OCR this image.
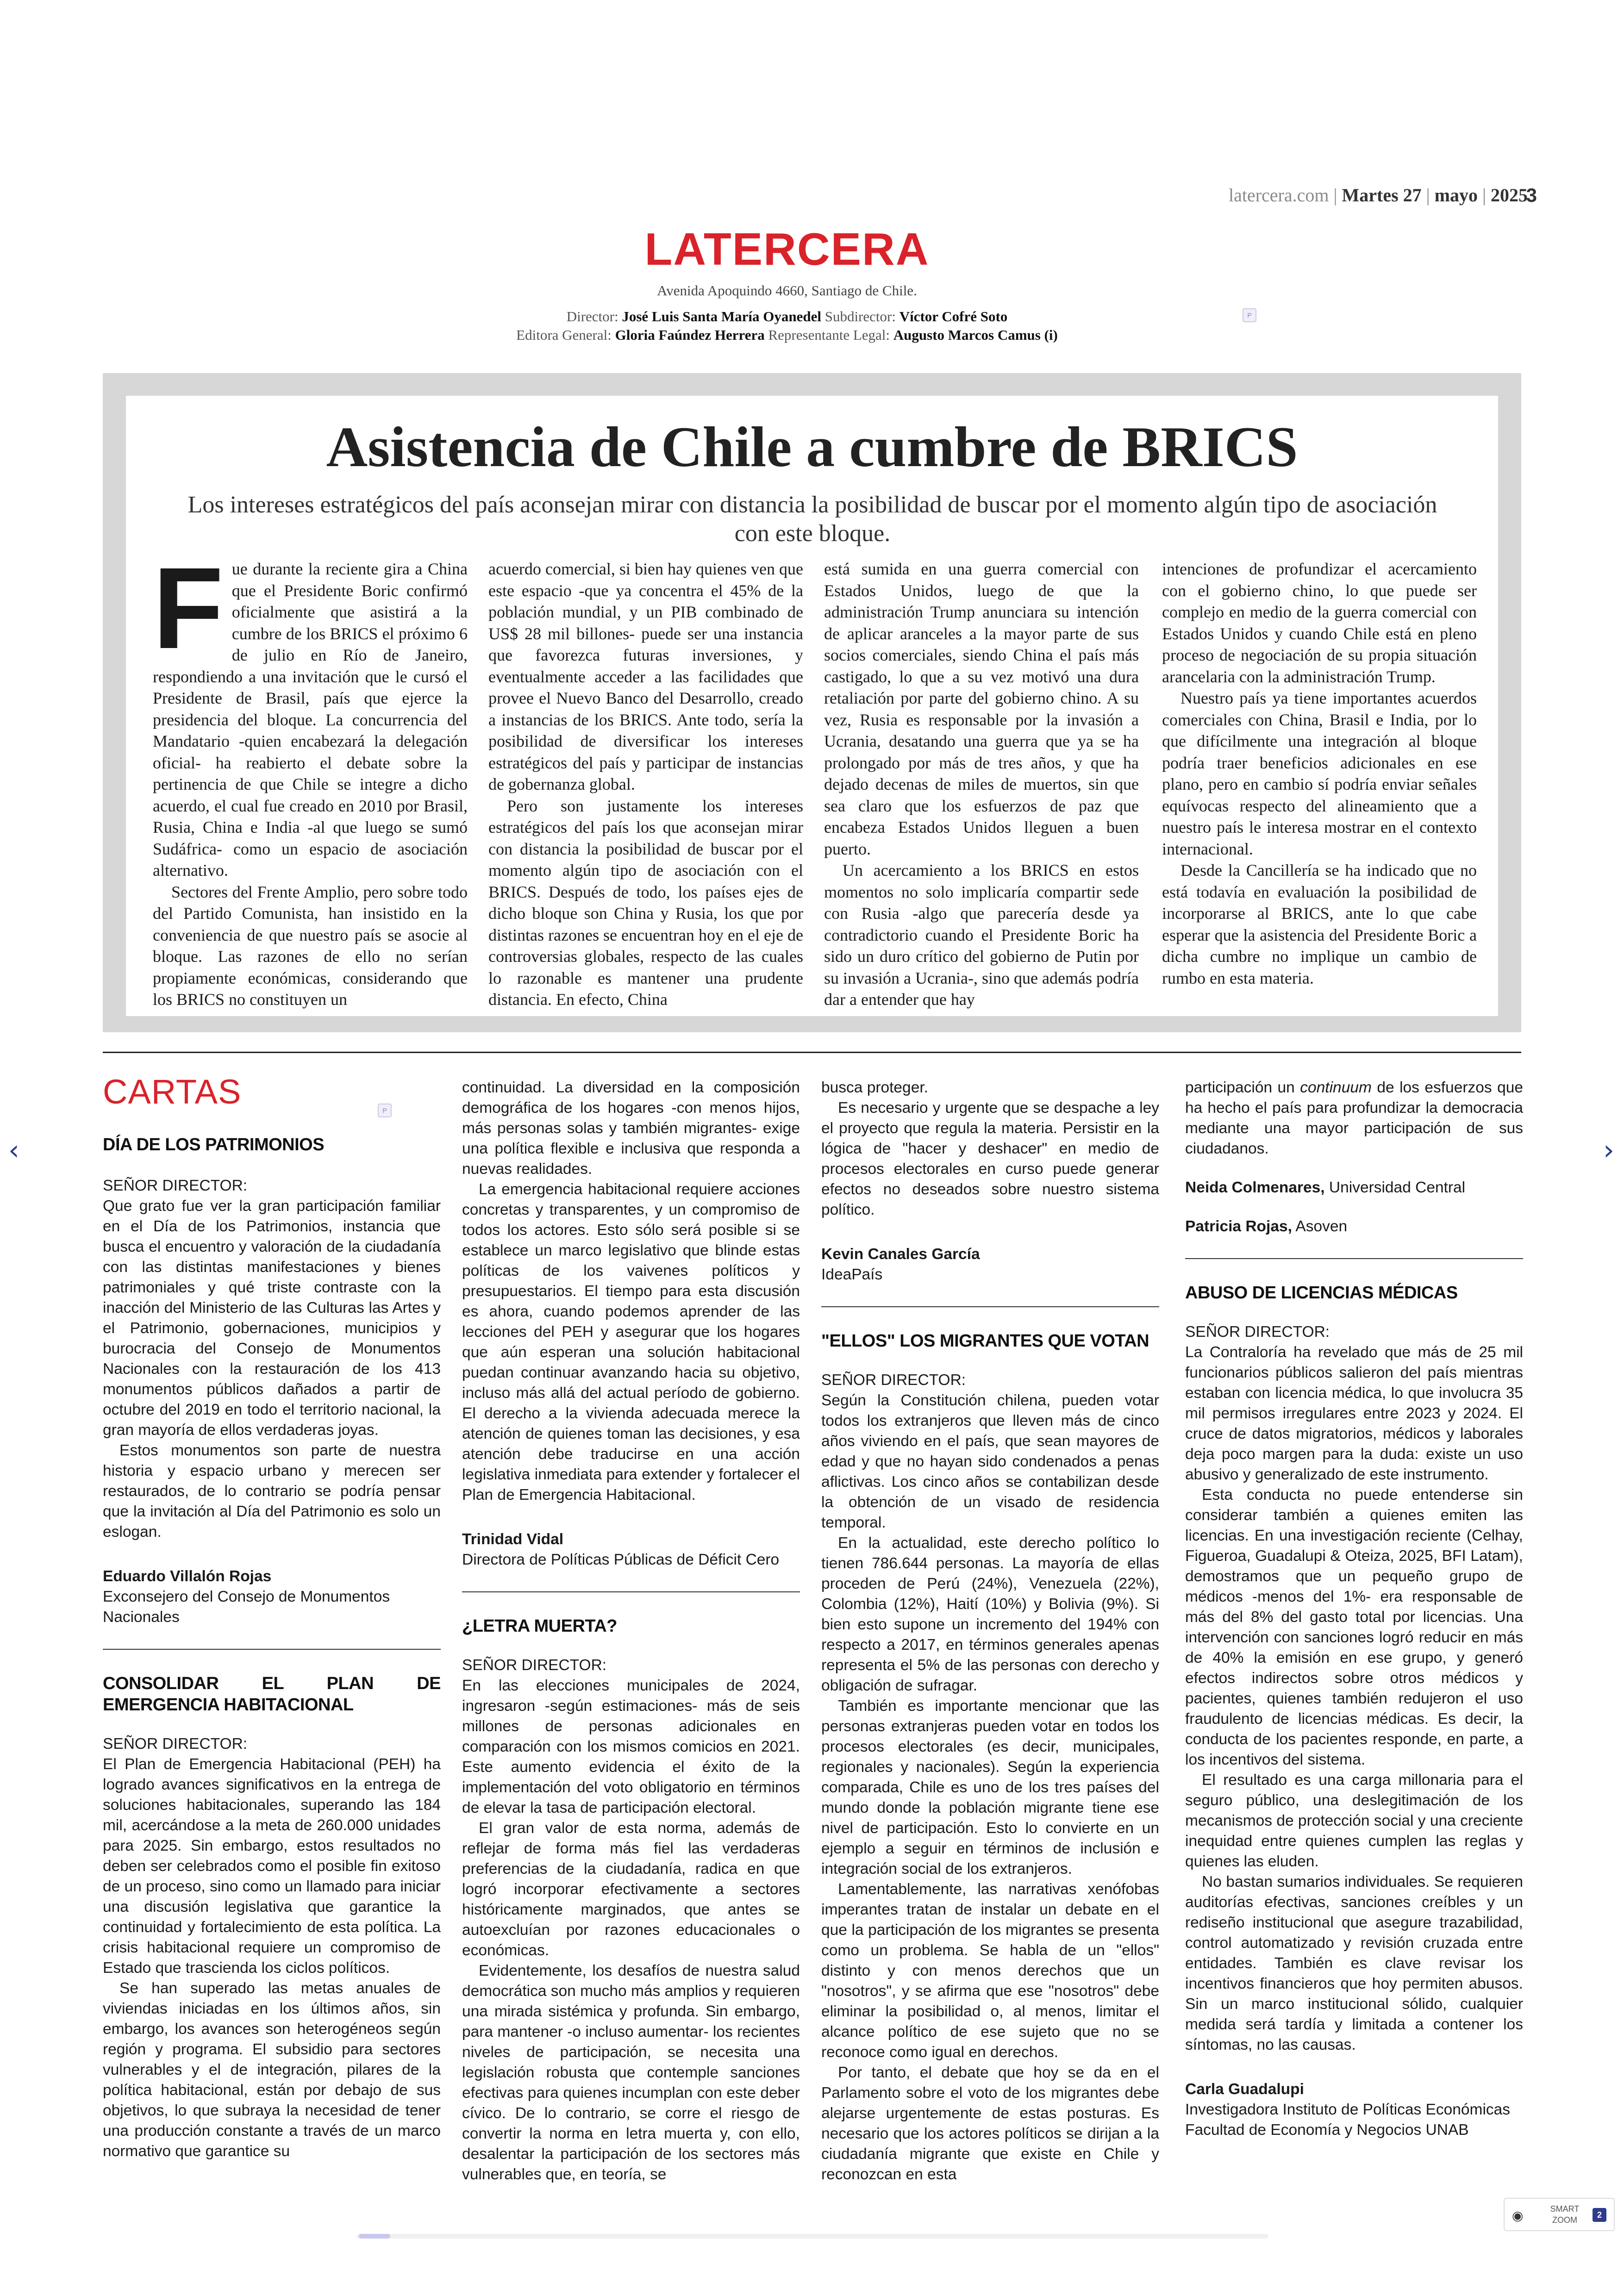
latercera.com | Martes 27 | mayo | 2025
3
LATERCERA
Avenida Apoquindo 4660, Santiago de Chile.
Director: José Luis Santa María Oyanedel Subdirector: Víctor Cofré Soto
Editora General: Gloria Faúndez Herrera Representante Legal: Augusto Marcos Camus (i)
P
Asistencia de Chile a cumbre de BRICS
Los intereses estratégicos del país aconsejan mirar con distancia la posibilidad de buscar por el momento algún tipo de asociación con este bloque.

Fue durante la reciente gira a China que el Presidente Boric confirmó oficialmente que asistirá a la cumbre de los BRICS el próximo 6 de julio en Río de Janeiro, respondiendo a una invitación que le cursó el Presidente de Brasil, país que ejerce la presidencia del bloque. La concurrencia del Mandatario -quien encabezará la delegación oficial- ha reabierto el debate sobre la pertinencia de que Chile se integre a dicho acuerdo, el cual fue creado en 2010 por Brasil, Rusia, China e India -al que luego se sumó Sudáfrica- como un espacio de asociación alternativo.

Sectores del Frente Amplio, pero sobre todo del Partido Comunista, han insistido en la conveniencia de que nuestro país se asocie al bloque. Las razones de ello no serían propiamente económicas, considerando que los BRICS no constituyen un

acuerdo comercial, si bien hay quienes ven que este espacio -que ya concentra el 45% de la población mundial, y un PIB combinado de US$ 28 mil billones- puede ser una instancia que favorezca futuras inversiones, y eventualmente acceder a las facilidades que provee el Nuevo Banco del Desarrollo, creado a instancias de los BRICS. Ante todo, sería la posibilidad de diversificar los intereses estratégicos del país y participar de instancias de gobernanza global.

Pero son justamente los intereses estratégicos del país los que aconsejan mirar con distancia la posibilidad de buscar por el momento algún tipo de asociación con el BRICS. Después de todo, los países ejes de dicho bloque son China y Rusia, los que por distintas razones se encuentran hoy en el eje de controversias globales, respecto de las cuales lo razonable es mantener una prudente distancia. En efecto, China

está sumida en una guerra comercial con Estados Unidos, luego de que la administración Trump anunciara su intención de aplicar aranceles a la mayor parte de sus socios comerciales, siendo China el país más castigado, lo que a su vez motivó una dura retaliación por parte del gobierno chino. A su vez, Rusia es responsable por la invasión a Ucrania, desatando una guerra que ya se ha prolongado por más de tres años, y que ha dejado decenas de miles de muertos, sin que sea claro que los esfuerzos de paz que encabeza Estados Unidos lleguen a buen puerto.

Un acercamiento a los BRICS en estos momentos no solo implicaría compartir sede con Rusia -algo que parecería desde ya contradictorio cuando el Presidente Boric ha sido un duro crítico del gobierno de Putin por su invasión a Ucrania-, sino que además podría dar a entender que hay

intenciones de profundizar el acercamiento con el gobierno chino, lo que puede ser complejo en medio de la guerra comercial con Estados Unidos y cuando Chile está en pleno proceso de negociación de su propia situación arancelaria con la administración Trump.

Nuestro país ya tiene importantes acuerdos comerciales con China, Brasil e India, por lo que difícilmente una integración al bloque podría traer beneficios adicionales en ese plano, pero en cambio sí podría enviar señales equívocas respecto del alineamiento que a nuestro país le interesa mostrar en el contexto internacional.

Desde la Cancillería se ha indicado que no está todavía en evaluación la posibilidad de incorporarse al BRICS, ante lo que cabe esperar que la asistencia del Presidente Boric a dicha cumbre no implique un cambio de rumbo en esta materia.

CARTAS	P
DÍA DE LOS PATRIMONIOS

SEÑOR DIRECTOR:

Que grato fue ver la gran participación familiar en el Día de los Patrimonios, instancia que busca el encuentro y valoración de la ciudadanía con las distintas manifestaciones y bienes patrimoniales y qué triste contraste con la inacción del Ministerio de las Culturas las Artes y el Patrimonio, gobernaciones, municipios y burocracia del Consejo de Monumentos Nacionales con la restauración de los 413 monumentos públicos dañados a partir de octubre del 2019 en todo el territorio nacional, la gran mayoría de ellos verdaderas joyas.

Estos monumentos son parte de nuestra historia y espacio urbano y merecen ser restaurados, de lo contrario se podría pensar que la invitación al Día del Patrimonio es solo un eslogan.

Eduardo Villalón Rojas

Exconsejero del Consejo de Monumentos Nacionales

CONSOLIDAR EL PLAN DE EMERGENCIA HABITACIONAL

SEÑOR DIRECTOR:

El Plan de Emergencia Habitacional (PEH) ha logrado avances significativos en la entrega de soluciones habitacionales, superando las 184 mil, acercándose a la meta de 260.000 unidades para 2025. Sin embargo, estos resultados no deben ser celebrados como el posible fin exitoso de un proceso, sino como un llamado para iniciar una discusión legislativa que garantice la continuidad y fortalecimiento de esta política. La crisis habitacional requiere un compromiso de Estado que trascienda los ciclos políticos.

Se han superado las metas anuales de viviendas iniciadas en los últimos años, sin embargo, los avances son heterogéneos según región y programa. El subsidio para sectores vulnerables y el de integración, pilares de la política habitacional, están por debajo de sus objetivos, lo que subraya la necesidad de tener una producción constante a través de un marco normativo que garantice su

continuidad. La diversidad en la composición demográfica de los hogares -con menos hijos, más personas solas y también migrantes- exige una política flexible e inclusiva que responda a nuevas realidades.

La emergencia habitacional requiere acciones concretas y transparentes, y un compromiso de todos los actores. Esto sólo será posible si se establece un marco legislativo que blinde estas políticas de los vaivenes políticos y presupuestarios. El tiempo para esta discusión es ahora, cuando podemos aprender de las lecciones del PEH y asegurar que los hogares que aún esperan una solución habitacional puedan continuar avanzando hacia su objetivo, incluso más allá del actual período de gobierno. El derecho a la vivienda adecuada merece la atención de quienes toman las decisiones, y esa atención debe traducirse en una acción legislativa inmediata para extender y fortalecer el Plan de Emergencia Habitacional.

Trinidad Vidal

Directora de Políticas Públicas de Déficit Cero

¿LETRA MUERTA?

SEÑOR DIRECTOR:

En las elecciones municipales de 2024, ingresaron -según estimaciones- más de seis millones de personas adicionales en comparación con los mismos comicios en 2021. Este aumento evidencia el éxito de la implementación del voto obligatorio en términos de elevar la tasa de participación electoral.

El gran valor de esta norma, además de reflejar de forma más fiel las verdaderas preferencias de la ciudadanía, radica en que logró incorporar efectivamente a sectores históricamente marginados, que antes se autoexcluían por razones educacionales o económicas.

Evidentemente, los desafíos de nuestra salud democrática son mucho más amplios y requieren una mirada sistémica y profunda. Sin embargo, para mantener -o incluso aumentar- los recientes niveles de participación, se necesita una legislación robusta que contemple sanciones efectivas para quienes incumplan con este deber cívico. De lo contrario, se corre el riesgo de convertir la norma en letra muerta y, con ello, desalentar la participación de los sectores más vulnerables que, en teoría, se

busca proteger.

Es necesario y urgente que se despache a ley el proyecto que regula la materia. Persistir en la lógica de "hacer y deshacer" en medio de procesos electorales en curso puede generar efectos no deseados sobre nuestro sistema político.

Kevin Canales García

IdeaPaís

"ELLOS" LOS MIGRANTES QUE VOTAN

SEÑOR DIRECTOR:

Según la Constitución chilena, pueden votar todos los extranjeros que lleven más de cinco años viviendo en el país, que sean mayores de edad y que no hayan sido condenados a penas aflictivas. Los cinco años se contabilizan desde la obtención de un visado de residencia temporal.

En la actualidad, este derecho político lo tienen 786.644 personas. La mayoría de ellas proceden de Perú (24%), Venezuela (22%), Colombia (12%), Haití (10%) y Bolivia (9%). Si bien esto supone un incremento del 194% con respecto a 2017, en términos generales apenas representa el 5% de las personas con derecho y obligación de sufragar.

También es importante mencionar que las personas extranjeras pueden votar en todos los procesos electorales (es decir, municipales, regionales y nacionales). Según la experiencia comparada, Chile es uno de los tres países del mundo donde la población migrante tiene ese nivel de participación. Esto lo convierte en un ejemplo a seguir en términos de inclusión e integración social de los extranjeros.

Lamentablemente, las narrativas xenófobas imperantes tratan de instalar un debate en el que la participación de los migrantes se presenta como un problema. Se habla de un "ellos" distinto y con menos derechos que un "nosotros", y se afirma que ese "nosotros" debe eliminar la posibilidad o, al menos, limitar el alcance político de ese sujeto que no se reconoce como igual en derechos.

Por tanto, el debate que hoy se da en el Parlamento sobre el voto de los migrantes debe alejarse urgentemente de estas posturas. Es necesario que los actores políticos se dirijan a la ciudadanía migrante que existe en Chile y reconozcan en esta

participación un continuum de los esfuerzos que ha hecho el país para profundizar la democracia mediante una mayor participación de sus ciudadanos.

Neida Colmenares, Universidad Central

Patricia Rojas, Asoven

ABUSO DE LICENCIAS MÉDICAS

SEÑOR DIRECTOR:

La Contraloría ha revelado que más de 25 mil funcionarios públicos salieron del país mientras estaban con licencia médica, lo que involucra 35 mil permisos irregulares entre 2023 y 2024. El cruce de datos migratorios, médicos y laborales deja poco margen para la duda: existe un uso abusivo y generalizado de este instrumento.

Esta conducta no puede entenderse sin considerar también a quienes emiten las licencias. En una investigación reciente (Celhay, Figueroa, Guadalupi & Oteiza, 2025, BFI Latam), demostramos que un pequeño grupo de médicos -menos del 1%- era responsable de más del 8% del gasto total por licencias. Una intervención con sanciones logró reducir en más de 40% la emisión en ese grupo, y generó efectos indirectos sobre otros médicos y pacientes, quienes también redujeron el uso fraudulento de licencias médicas. Es decir, la conducta de los pacientes responde, en parte, a los incentivos del sistema.

El resultado es una carga millonaria para el seguro público, una deslegitimación de los mecanismos de protección social y una creciente inequidad entre quienes cumplen las reglas y quienes las eluden.

No bastan sumarios individuales. Se requieren auditorías efectivas, sanciones creíbles y un rediseño institucional que asegure trazabilidad, control automatizado y revisión cruzada entre entidades. También es clave revisar los incentivos financieros que hoy permiten abusos. Sin un marco institucional sólido, cualquier medida será tardía y limitada a contener los síntomas, no las causas.

Carla Guadalupi

Investigadora Instituto de Políticas Económicas Facultad de Economía y Negocios UNAB

‹	›
◉	SMART
ZOOM
2
